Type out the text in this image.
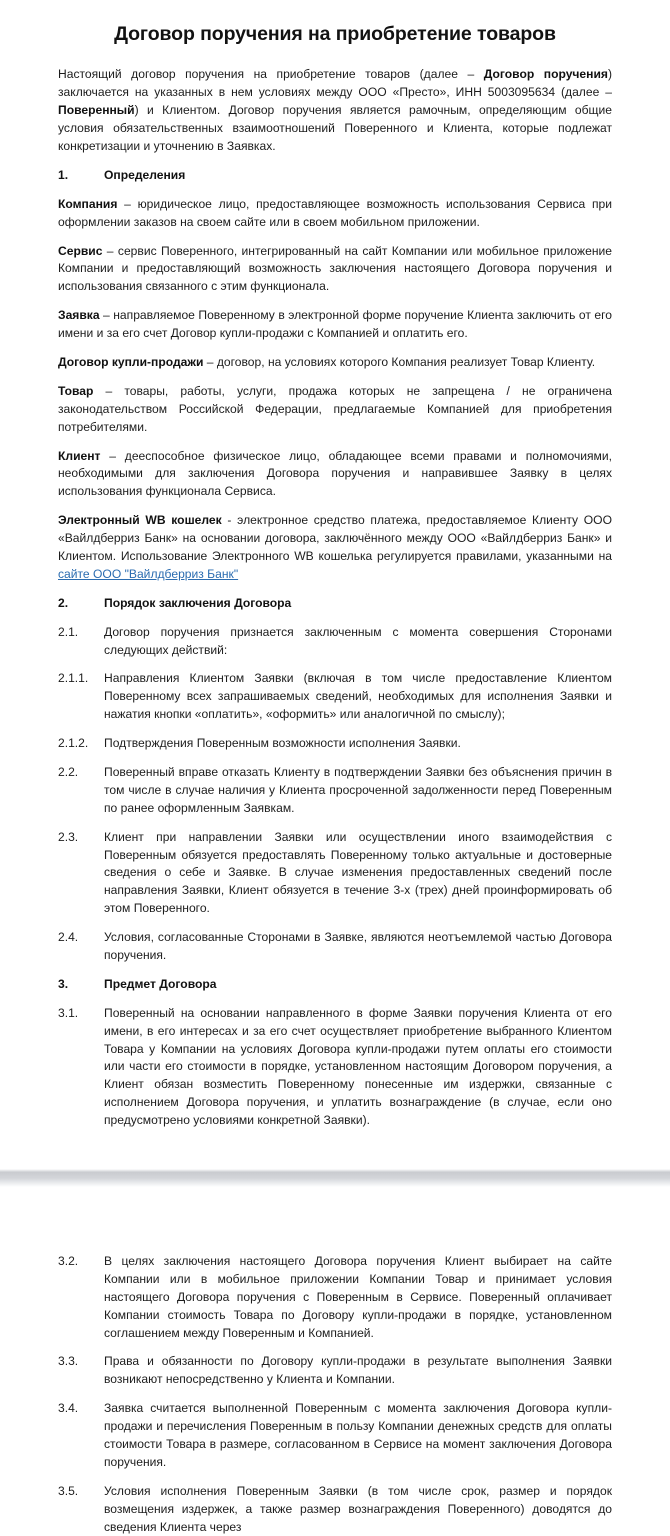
Договор поручения на приобретение товаров

Настоящий договор поручения на приобретение товаров (далее – Договор поручения) заключается на указанных в нем условиях между ООО «Престо», ИНН 5003095634 (далее – Поверенный) и Клиентом. Договор поручения является рамочным, определяющим общие условия обязательственных взаимоотношений Поверенного и Клиента, которые подлежат конкретизации и уточнению в Заявках.

1.	Определения

Компания – юридическое лицо, предоставляющее возможность использования Сервиса при оформлении заказов на своем сайте или в своем мобильном приложении.

Сервис – сервис Поверенного, интегрированный на сайт Компании или мобильное приложение Компании и предоставляющий возможность заключения настоящего Договора поручения и использования связанного с этим функционала.

Заявка – направляемое Поверенному в электронной форме поручение Клиента заключить от его имени и за его счет Договор купли-продажи с Компанией и оплатить его.

Договор купли-продажи – договор, на условиях которого Компания реализует Товар Клиенту.

Товар – товары, работы, услуги, продажа которых не запрещена / не ограничена законодательством Российской Федерации, предлагаемые Компанией для приобретения потребителями.

Клиент – дееспособное физическое лицо, обладающее всеми правами и полномочиями, необходимыми для заключения Договора поручения и направившее Заявку в целях использования функционала Сервиса.

Электронный WB кошелек - электронное средство платежа, предоставляемое Клиенту ООО «Вайлдберриз Банк» на основании договора, заключённого между ООО «Вайлдберриз Банк» и Клиентом. Использование Электронного WB кошелька регулируется правилами, указанными на сайте ООО "Вайлдберриз Банк"

2.	Порядок заключения Договора
2.1.	Договор поручения признается заключенным с момента совершения Сторонами следующих действий:
2.1.1.	Направления Клиентом Заявки (включая в том числе предоставление Клиентом Поверенному всех запрашиваемых сведений, необходимых для исполнения Заявки и нажатия кнопки «оплатить», «оформить» или аналогичной по смыслу);
2.1.2.	Подтверждения Поверенным возможности исполнения Заявки.
2.2.	Поверенный вправе отказать Клиенту в подтверждении Заявки без объяснения причин в том числе в случае наличия у Клиента просроченной задолженности перед Поверенным по ранее оформленным Заявкам.
2.3.	Клиент при направлении Заявки или осуществлении иного взаимодействия с Поверенным обязуется предоставлять Поверенному только актуальные и достоверные сведения о себе и Заявке. В случае изменения предоставленных сведений после направления Заявки, Клиент обязуется в течение 3-х (трех) дней проинформировать об этом Поверенного.
2.4.	Условия, согласованные Сторонами в Заявке, являются неотъемлемой частью Договора поручения.
3.	Предмет Договора
3.1.	Поверенный на основании направленного в форме Заявки поручения Клиента от его имени, в его интересах и за его счет осуществляет приобретение выбранного Клиентом Товара у Компании на условиях Договора купли-продажи путем оплаты его стоимости или части его стоимости в порядке, установленном настоящим Договором поручения, а Клиент обязан возместить Поверенному понесенные им издержки, связанные с исполнением Договора поручения, и уплатить вознаграждение (в случае, если оно предусмотрено условиями конкретной Заявки).
3.2.	В целях заключения настоящего Договора поручения Клиент выбирает на сайте Компании или в мобильное приложении Компании Товар и принимает условия настоящего Договора поручения с Поверенным в Сервисе. Поверенный оплачивает Компании стоимость Товара по Договору купли-продажи в порядке, установленном соглашением между Поверенным и Компанией.
3.3.	Права и обязанности по Договору купли-продажи в результате выполнения Заявки возникают непосредственно у Клиента и Компании.
3.4.	Заявка считается выполненной Поверенным с момента заключения Договора купли-продажи и перечисления Поверенным в пользу Компании денежных средств для оплаты стоимости Товара в размере, согласованном в Сервисе на момент заключения Договора поручения.
3.5.	Условия исполнения Поверенным Заявки (в том числе срок, размер и порядок возмещения издержек, а также размер вознаграждения Поверенного) доводятся до сведения Клиента через
